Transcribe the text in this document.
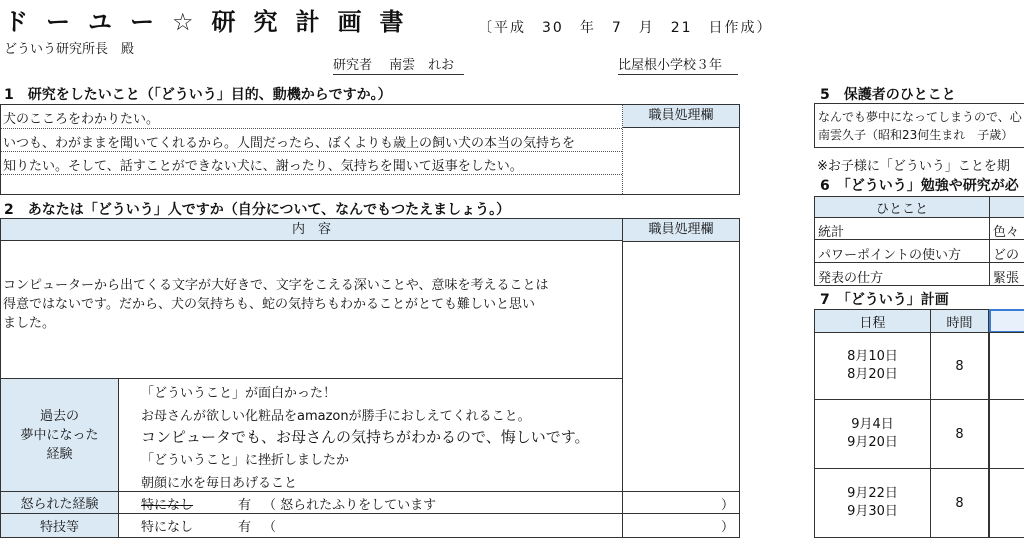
ドーユー☆研究計画書	〔平成　30　年　7　月　21　日作成）
どういう研究所長　殿
研究者　 南雲　れお	比屋根小学校３年
1　研究をしたいこと（「どういう」目的、動機からですか。）
職員処理欄
犬のこころをわかりたい。
いつも、わがままを聞いてくれるから。人間だったら、ぼくよりも歳上の飼い犬の本当の気持ちを
知りたい。そして、話すことができない犬に、謝ったり、気持ちを聞いて返事をしたい。
2　あなたは「どういう」人ですか（自分について、なんでもつたえましょう。）
内　容	職員処理欄
コンピューターから出てくる文字が大好きで、文字をこえる深いことや、意味を考えることは
得意ではないです。だから、犬の気持ちも、蛇の気持ちもわかることがとても難しいと思い
ました。
過去の
夢中になった
経験
「どういうこと」が面白かった！
お母さんが欲しい化粧品をamazonが勝手におしえてくれること。
コンピュータでも、お母さんの気持ちがわかるので、悔しいです。
「どういうこと」に挫折しましたか
朝顔に水を毎日あげること
怒られた経験	特になし	有 （ 怒られたふりをしています	）
特技等	特になし	有 （	）
5　保護者のひとこと
なんでも夢中になってしまうので、心
南雲久子（昭和23何生まれ　子歳）
※お子様に「どういう」ことを期
6　「どういう」勉強や研究が必
ひとこと
統計	色々
パワーポイントの使い方	どの
発表の仕方	緊張
7　「どういう」計画
日程	時間
8月10日
8月20日
8
9月4日
9月20日
8
9月22日
9月30日
8
